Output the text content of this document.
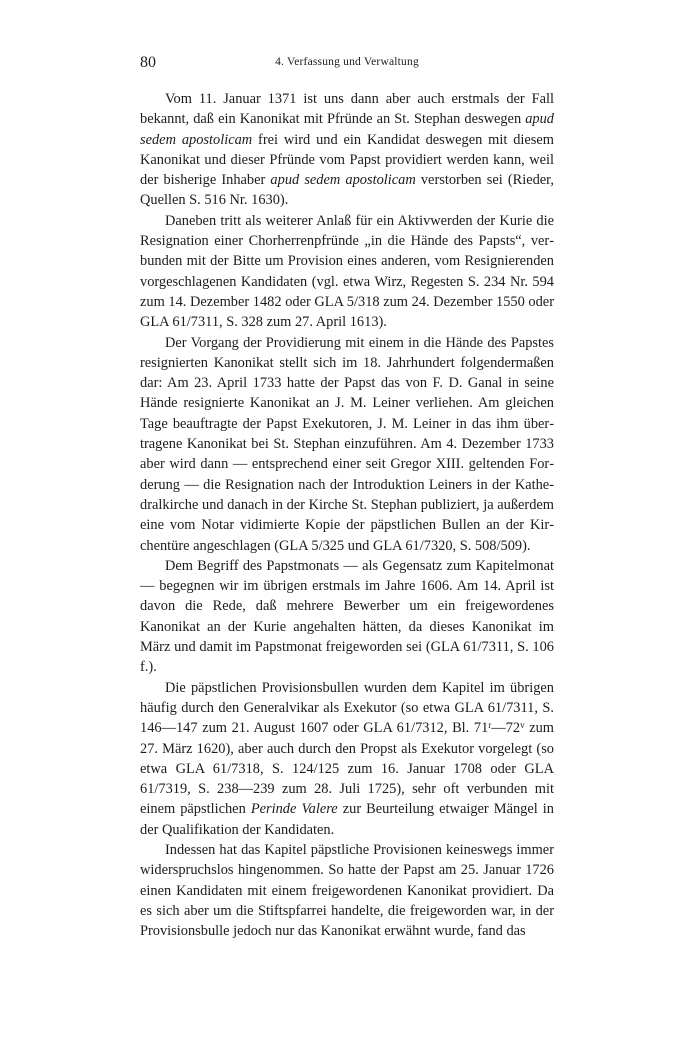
80	4. Verfassung und Verwaltung

Vom 11. Januar 1371 ist uns dann aber auch erstmals der Fall bekannt, daß ein Kanonikat mit Pfründe an St. Stephan deswegen apud sedem apostolicam frei wird und ein Kandidat deswegen mit diesem Kanonikat und dieser Pfründe vom Papst providiert werden kann, weil der bisherige Inhaber apud sedem apostolicam verstorben sei (Rieder, Quellen S. 516 Nr. 1630).

Daneben tritt als weiterer Anlaß für ein Aktivwerden der Kurie die Resignation einer Chorherrenpfründe „in die Hände des Papsts“, verbunden mit der Bitte um Provision eines anderen, vom Resignierenden vorgeschlagenen Kandidaten (vgl. etwa Wirz, Regesten S. 234 Nr. 594 zum 14. Dezember 1482 oder GLA 5/318 zum 24. Dezember 1550 oder GLA 61/7311, S. 328 zum 27. April 1613).

Der Vorgang der Providierung mit einem in die Hände des Papstes resignierten Kanonikat stellt sich im 18. Jahrhundert folgendermaßen dar: Am 23. April 1733 hatte der Papst das von F. D. Ganal in seine Hände resignierte Kanonikat an J. M. Leiner verliehen. Am gleichen Tage beauftragte der Papst Exekutoren, J. M. Leiner in das ihm übertragene Kanonikat bei St. Stephan einzuführen. Am 4. Dezember 1733 aber wird dann — entsprechend einer seit Gregor XIII. geltenden Forderung — die Resignation nach der Introduktion Leiners in der Kathedralkirche und danach in der Kirche St. Stephan publiziert, ja außerdem eine vom Notar vidimierte Kopie der päpstlichen Bullen an der Kirchentüre angeschlagen (GLA 5/325 und GLA 61/7320, S. 508/509).

Dem Begriff des Papstmonats — als Gegensatz zum Kapitelmonat — begegnen wir im übrigen erstmals im Jahre 1606. Am 14. April ist davon die Rede, daß mehrere Bewerber um ein freigewordenes Kanonikat an der Kurie angehalten hätten, da dieses Kanonikat im März und damit im Papstmonat freigeworden sei (GLA 61/7311, S. 106 f.).

Die päpstlichen Provisionsbullen wurden dem Kapitel im übrigen häufig durch den Generalvikar als Exekutor (so etwa GLA 61/7311, S. 146—147 zum 21. August 1607 oder GLA 61/7312, Bl. 71$^r$—72$^v$ zum 27. März 1620), aber auch durch den Propst als Exekutor vorgelegt (so etwa GLA 61/7318, S. 124/125 zum 16. Januar 1708 oder GLA 61/7319, S. 238—239 zum 28. Juli 1725), sehr oft verbunden mit einem päpstlichen Perinde Valere zur Beurteilung etwaiger Mängel in der Qualifikation der Kandidaten.

Indessen hat das Kapitel päpstliche Provisionen keineswegs immer widerspruchslos hingenommen. So hatte der Papst am 25. Januar 1726 einen Kandidaten mit einem freigewordenen Kanonikat providiert. Da es sich aber um die Stiftspfarrei handelte, die freigeworden war, in der Provisionsbulle jedoch nur das Kanonikat erwähnt wurde, fand das
